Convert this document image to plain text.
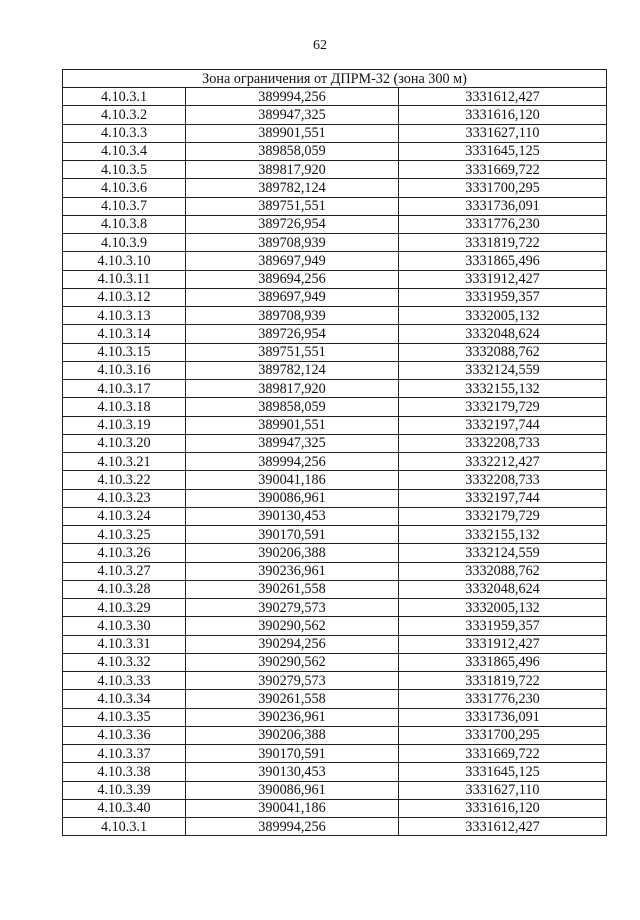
62
Зона ограничения от ДПРМ-32 (зона 300 м)		
4.10.3.1	389994,256	3331612,427
4.10.3.2	389947,325	3331616,120
4.10.3.3	389901,551	3331627,110
4.10.3.4	389858,059	3331645,125
4.10.3.5	389817,920	3331669,722
4.10.3.6	389782,124	3331700,295
4.10.3.7	389751,551	3331736,091
4.10.3.8	389726,954	3331776,230
4.10.3.9	389708,939	3331819,722
4.10.3.10	389697,949	3331865,496
4.10.3.11	389694,256	3331912,427
4.10.3.12	389697,949	3331959,357
4.10.3.13	389708,939	3332005,132
4.10.3.14	389726,954	3332048,624
4.10.3.15	389751,551	3332088,762
4.10.3.16	389782,124	3332124,559
4.10.3.17	389817,920	3332155,132
4.10.3.18	389858,059	3332179,729
4.10.3.19	389901,551	3332197,744
4.10.3.20	389947,325	3332208,733
4.10.3.21	389994,256	3332212,427
4.10.3.22	390041,186	3332208,733
4.10.3.23	390086,961	3332197,744
4.10.3.24	390130,453	3332179,729
4.10.3.25	390170,591	3332155,132
4.10.3.26	390206,388	3332124,559
4.10.3.27	390236,961	3332088,762
4.10.3.28	390261,558	3332048,624
4.10.3.29	390279,573	3332005,132
4.10.3.30	390290,562	3331959,357
4.10.3.31	390294,256	3331912,427
4.10.3.32	390290,562	3331865,496
4.10.3.33	390279,573	3331819,722
4.10.3.34	390261,558	3331776,230
4.10.3.35	390236,961	3331736,091
4.10.3.36	390206,388	3331700,295
4.10.3.37	390170,591	3331669,722
4.10.3.38	390130,453	3331645,125
4.10.3.39	390086,961	3331627,110
4.10.3.40	390041,186	3331616,120
4.10.3.1	389994,256	3331612,427
